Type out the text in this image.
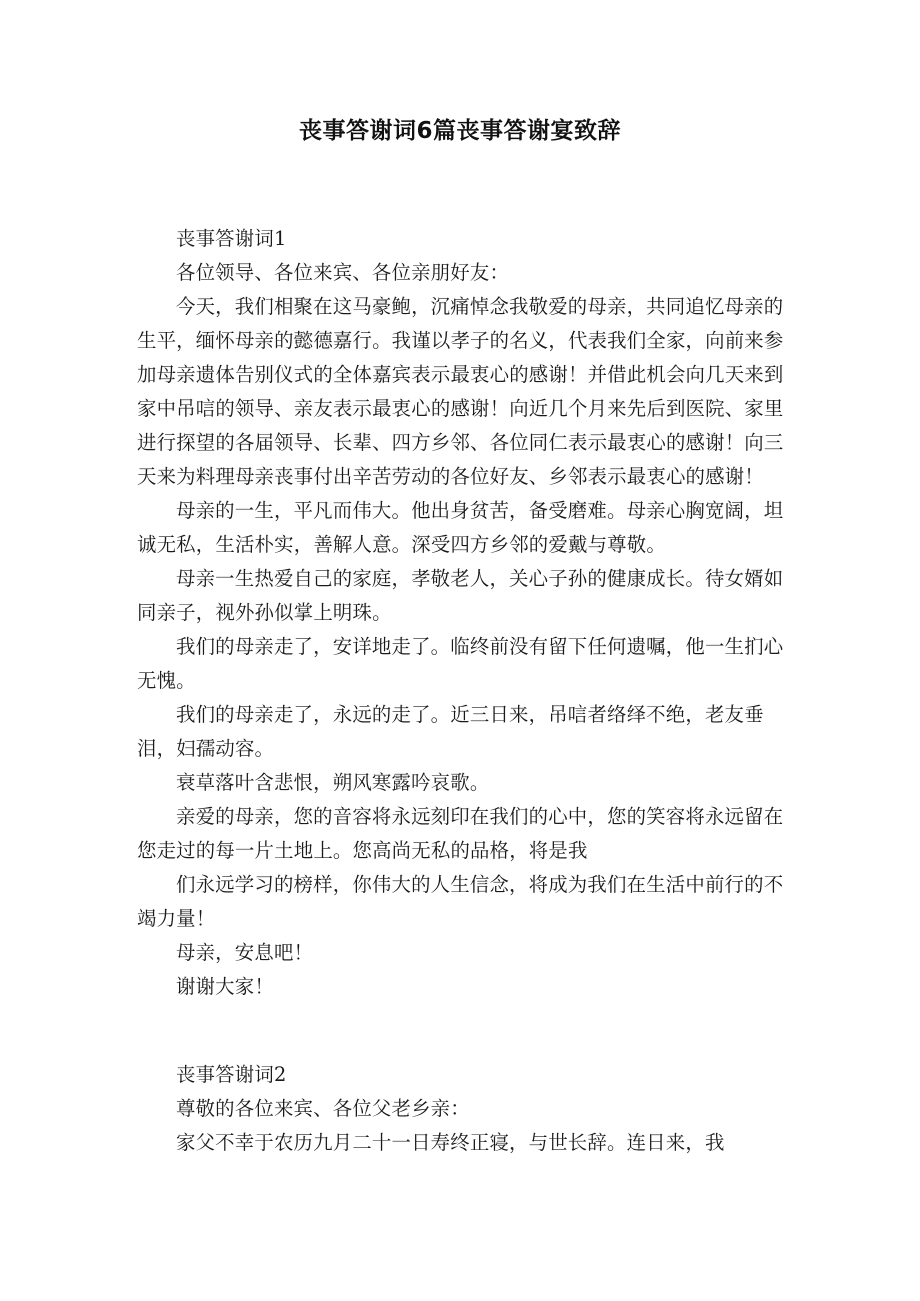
丧事答谢词6篇丧事答谢宴致辞

丧事答谢词1

各位领导、各位来宾、各位亲朋好友：

今天，我们相聚在这马豪鲍，沉痛悼念我敬爱的母亲，共同追忆母亲的生平，缅怀母亲的懿德嘉行。我谨以孝子的名义，代表我们全家，向前来参加母亲遗体告别仪式的全体嘉宾表示最衷心的感谢！并借此机会向几天来到家中吊唁的领导、亲友表示最衷心的感谢！向近几个月来先后到医院、家里进行探望的各届领导、长辈、四方乡邻、各位同仁表示最衷心的感谢！向三天来为料理母亲丧事付出辛苦劳动的各位好友、乡邻表示最衷心的感谢！

母亲的一生，平凡而伟大。他出身贫苦，备受磨难。母亲心胸宽阔，坦诚无私，生活朴实，善解人意。深受四方乡邻的爱戴与尊敬。

母亲一生热爱自己的家庭，孝敬老人，关心子孙的健康成长。待女婿如同亲子，视外孙似掌上明珠。

我们的母亲走了，安详地走了。临终前没有留下任何遗嘱，他一生扪心无愧。

我们的母亲走了，永远的走了。近三日来，吊唁者络绎不绝，老友垂泪，妇孺动容。

衰草落叶含悲恨，朔风寒露吟哀歌。

亲爱的母亲，您的音容将永远刻印在我们的心中，您的笑容将永远留在您走过的每一片土地上。您高尚无私的品格，将是我

们永远学习的榜样，你伟大的人生信念，将成为我们在生活中前行的不竭力量！

母亲，安息吧！

谢谢大家！

丧事答谢词2

尊敬的各位来宾、各位父老乡亲：

家父不幸于农历九月二十一日寿终正寝，与世长辞。连日来，我
